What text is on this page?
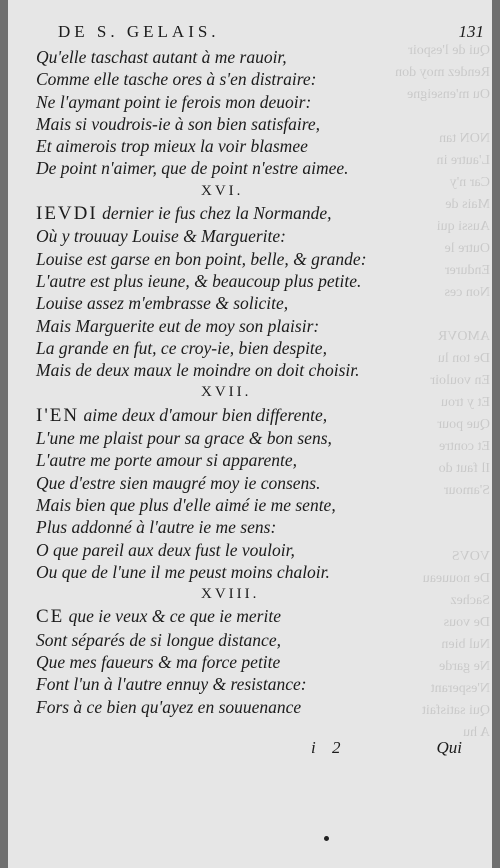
Qui de l'espoir
Rendez moy don
Ou m'enseigne

NON tan
L'autre in
Car n'y
Mais de
Aussi qui
Outre le
Endurer
Non ces

AMOVR
De ton lu
En vouloir
Et y trou
Que pour
Et contre
Il faut do
S'amour

VOVS
De nouueau
Sachez
De vous
Nul bien
Ne garde
N'esperant
Qui satisfait
A hu
DE S. GELAIS.	131
Qu'elle taschast autant à me rauoir,
Comme elle tasche ores à s'en distraire:
Ne l'aymant point ie ferois mon deuoir:
Mais si voudrois-ie à son bien satisfaire,
Et aimerois trop mieux la voir blasmee
De point n'aimer, que de point n'estre aimee.
XVI.
IEVDI dernier ie fus chez la Normande,
Où y trouuay Louise & Marguerite:
Louise est garse en bon point, belle, & grande:
L'autre est plus ieune, & beaucoup plus petite.
Louise assez m'embrasse & solicite,
Mais Marguerite eut de moy son plaisir:
La grande en fut, ce croy-ie, bien despite,
Mais de deux maux le moindre on doit choisir.
XVII.
I'EN aime deux d'amour bien differente,
L'une me plaist pour sa grace & bon sens,
L'autre me porte amour si apparente,
Que d'estre sien maugré moy ie consens.
Mais bien que plus d'elle aimé ie me sente,
Plus addonné à l'autre ie me sens:
O que pareil aux deux fust le vouloir,
Ou que de l'une il me peust moins chaloir.
XVIII.
CE que ie veux & ce que ie merite
Sont séparés de si longue distance,
Que mes faueurs & ma force petite
Font l'un à l'autre ennuy & resistance:
Fors à ce bien qu'ayez en souuenance
i 2	Qui
